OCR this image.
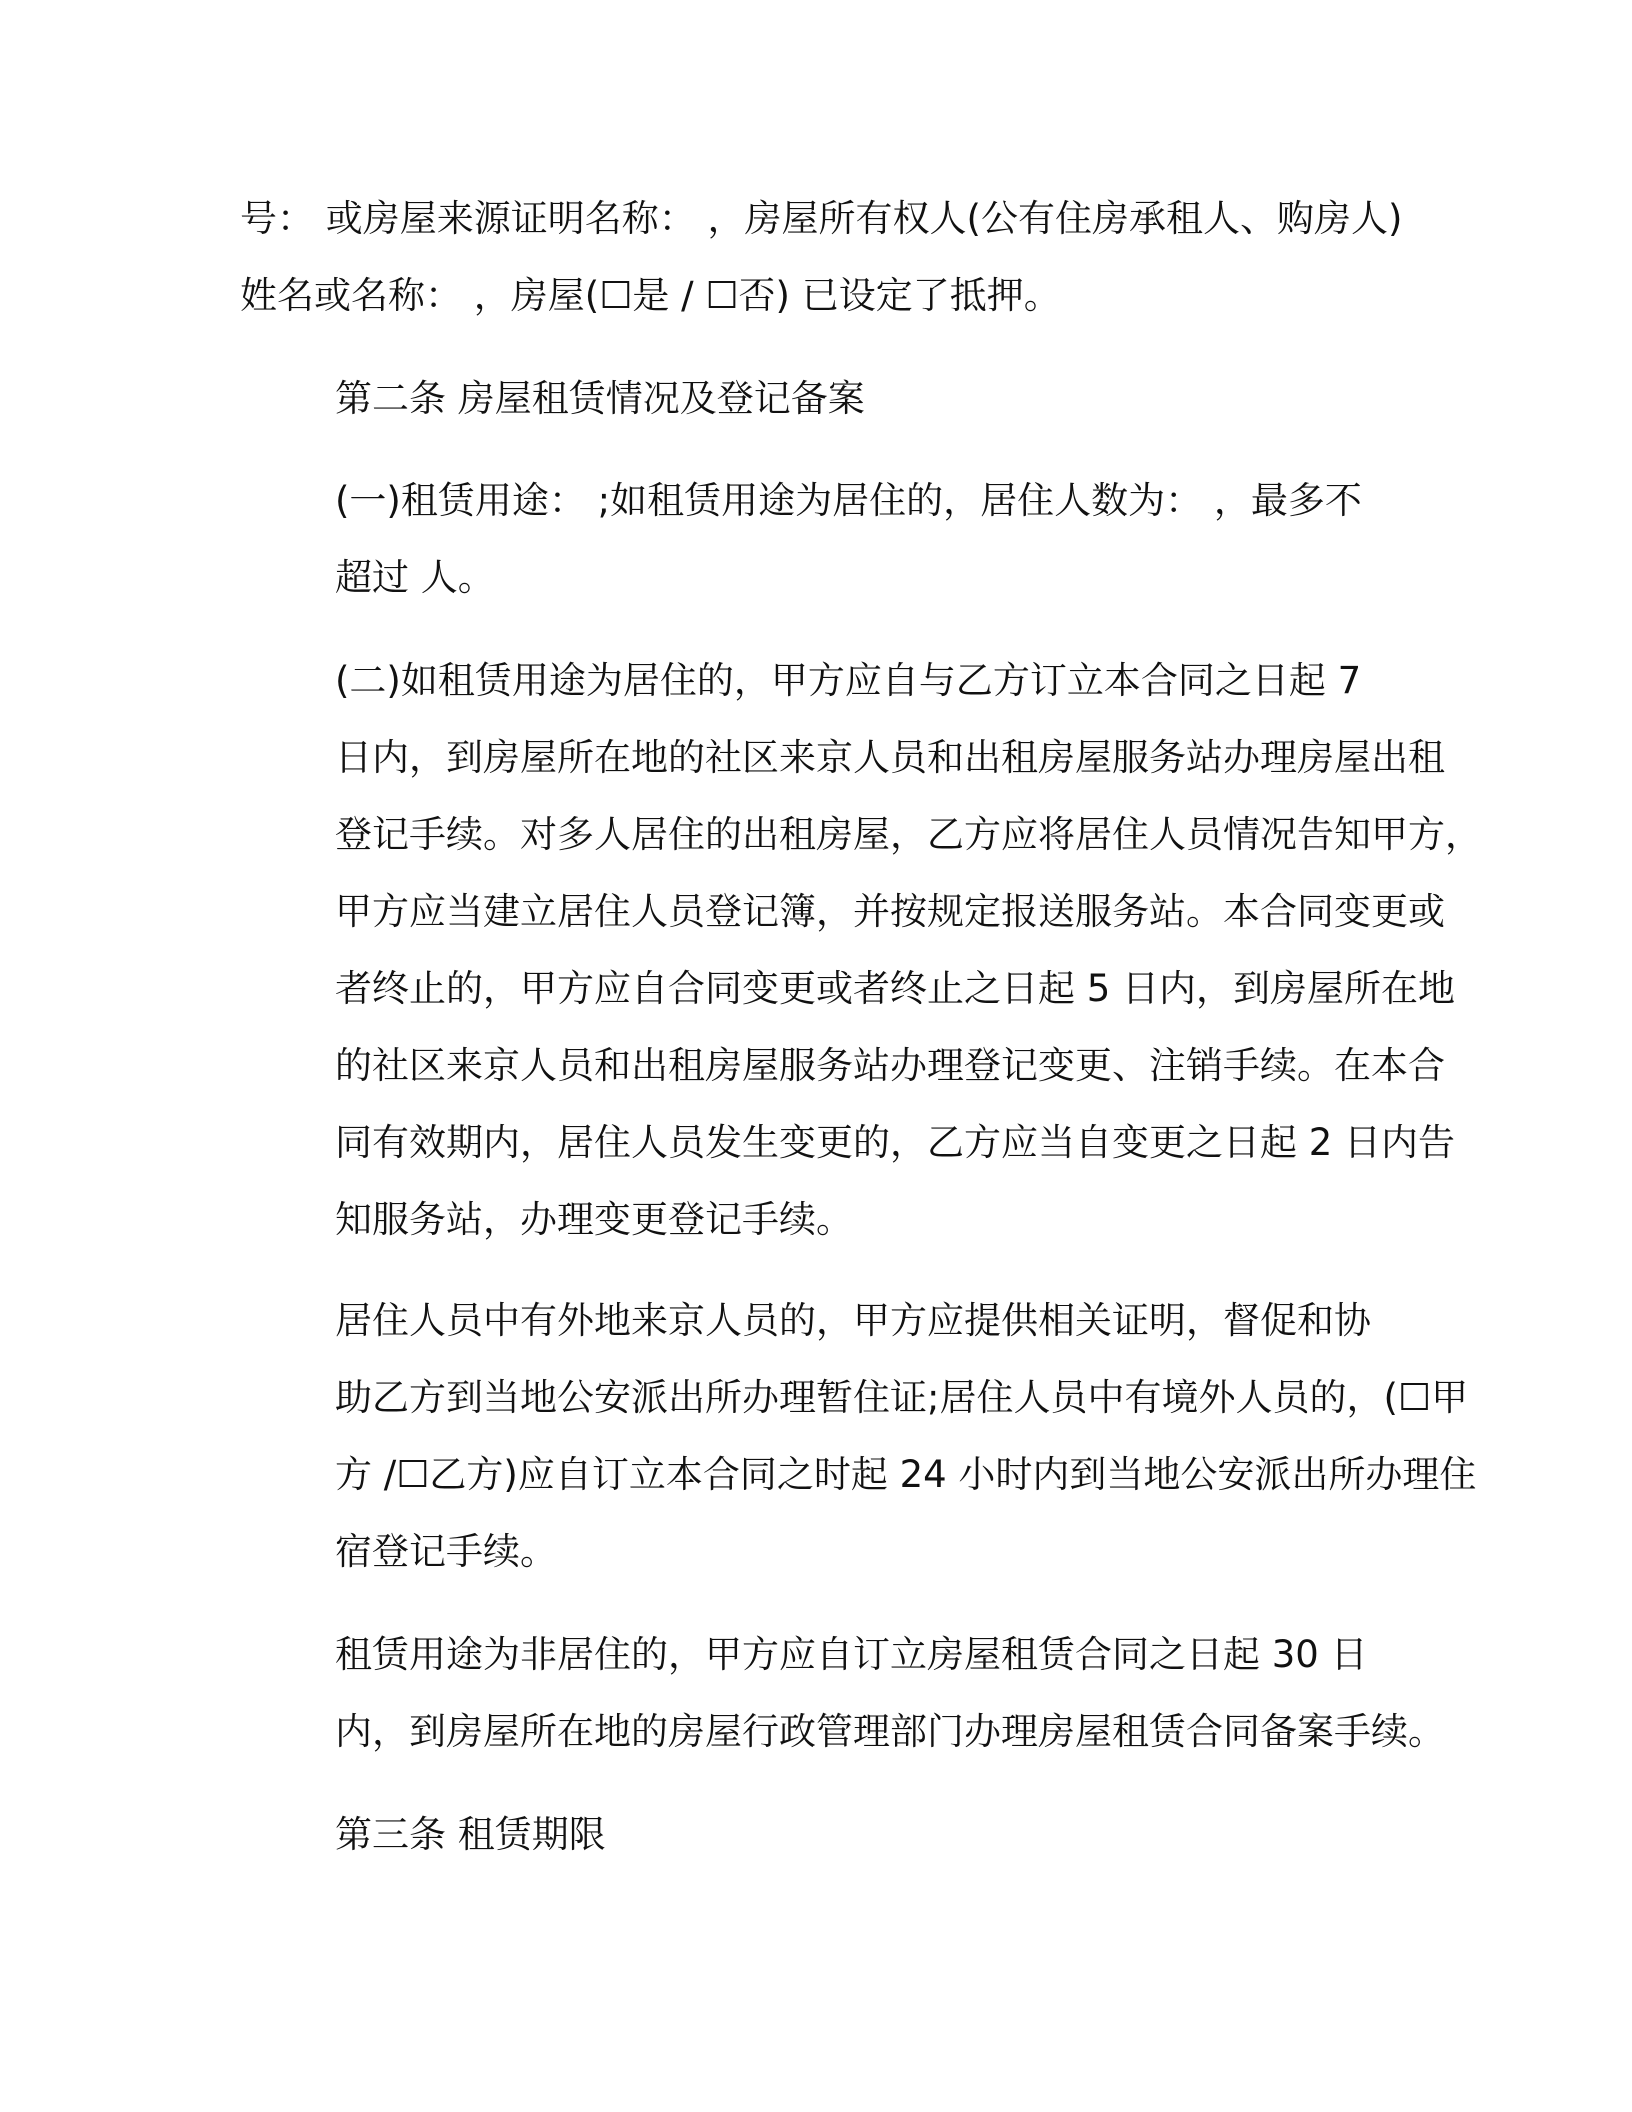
号： 或房屋来源证明名称： ，房屋所有权人(公有住房承租人、购房人)
姓名或名称： ，房屋(☐是 / ☐否) 已设定了抵押。

第二条 房屋租赁情况及登记备案

(一)租赁用途： ;如租赁用途为居住的，居住人数为： ，最多不
超过 人。

(二)如租赁用途为居住的，甲方应自与乙方订立本合同之日起 7
日内，到房屋所在地的社区来京人员和出租房屋服务站办理房屋出租
登记手续。对多人居住的出租房屋，乙方应将居住人员情况告知甲方，
甲方应当建立居住人员登记簿，并按规定报送服务站。本合同变更或
者终止的，甲方应自合同变更或者终止之日起 5 日内，到房屋所在地
的社区来京人员和出租房屋服务站办理登记变更、注销手续。在本合
同有效期内，居住人员发生变更的，乙方应当自变更之日起 2 日内告
知服务站，办理变更登记手续。

居住人员中有外地来京人员的，甲方应提供相关证明，督促和协
助乙方到当地公安派出所办理暂住证;居住人员中有境外人员的，(☐甲
方 /☐乙方)应自订立本合同之时起 24 小时内到当地公安派出所办理住
宿登记手续。

租赁用途为非居住的，甲方应自订立房屋租赁合同之日起 30 日
内，到房屋所在地的房屋行政管理部门办理房屋租赁合同备案手续。

第三条 租赁期限
